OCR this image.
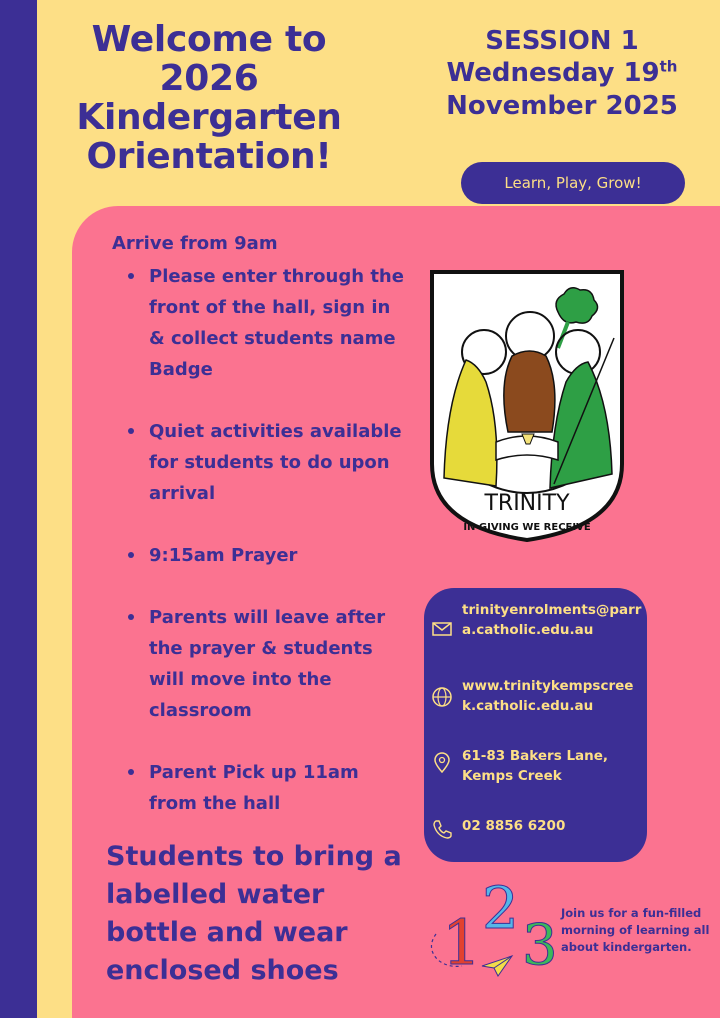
Welcome to 2026 Kindergarten Orientation!
SESSION 1
Wednesday 19th
November 2025
Learn, Play, Grow!
Arrive from 9am
Please enter through the front of the hall, sign in & collect students name Badge
Quiet activities available for students to do upon arrival
9:15am Prayer
Parents will leave after the prayer & students will move into the classroom
Parent Pick up 11am from the hall
Students to bring a labelled water bottle and wear enclosed shoes
TRINITY
IN GIVING WE RECEIVE
trinityenrolments@parra.catholic.edu.au
www.trinitykempscreek.catholic.edu.au
61-83 Bakers Lane, Kemps Creek
02 8856 6200
1 2
3 Join us for a fun-filled morning of learning all about kindergarten.
